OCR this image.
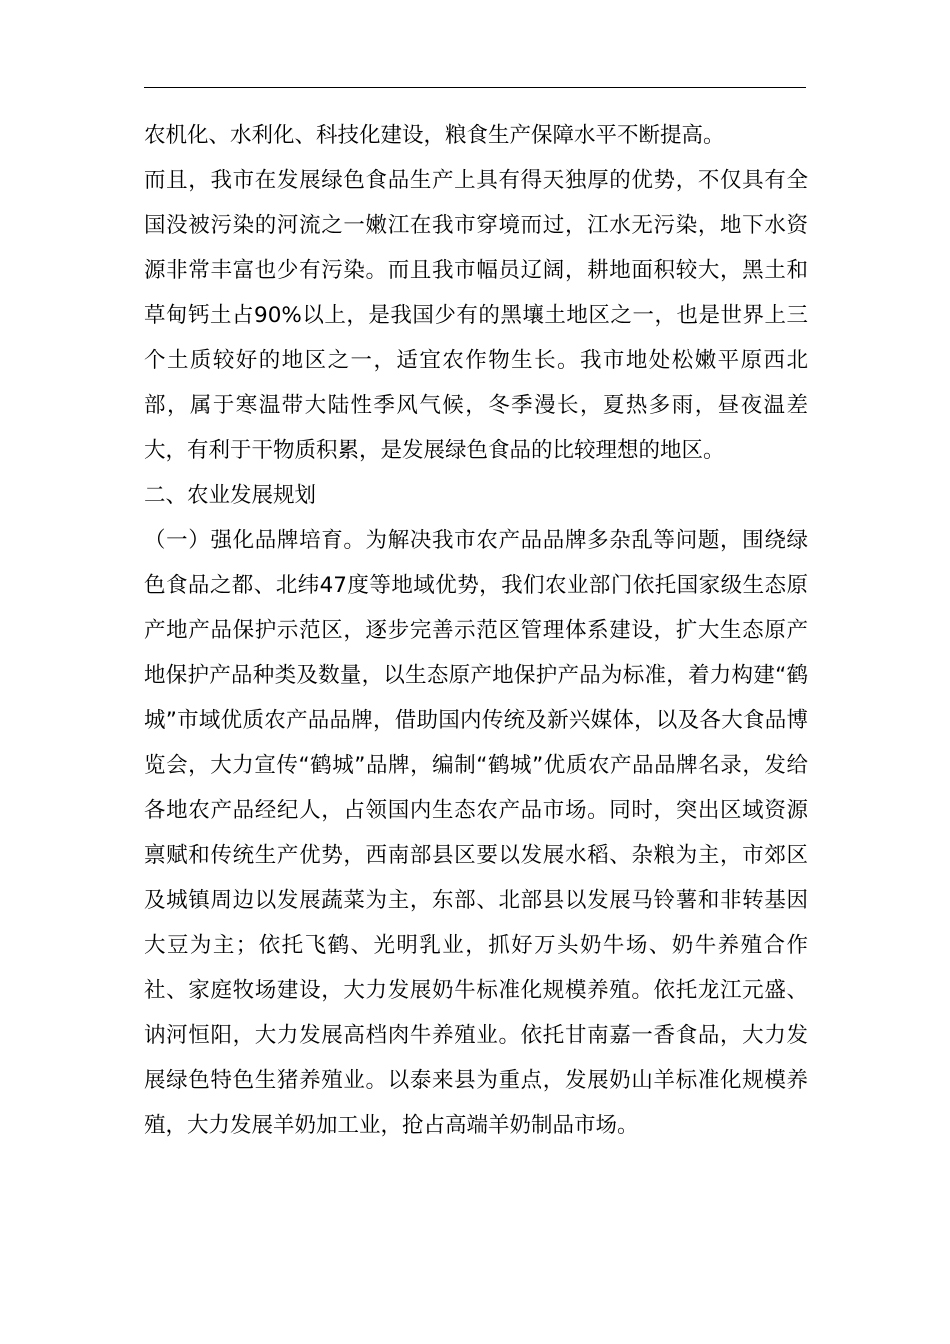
农机化、水利化、科技化建设，粮食生产保障水平不断提高。

而且，我市在发展绿色食品生产上具有得天独厚的优势，不仅具有全国没被污染的河流之一嫩江在我市穿境而过，江水无污染，地下水资源非常丰富也少有污染。而且我市幅员辽阔，耕地面积较大，黑土和草甸钙土占90%以上，是我国少有的黑壤土地区之一，也是世界上三个土质较好的地区之一，适宜农作物生长。我市地处松嫩平原西北部，属于寒温带大陆性季风气候，冬季漫长，夏热多雨，昼夜温差大，有利于干物质积累，是发展绿色食品的比较理想的地区。

二、农业发展规划

（一）强化品牌培育。为解决我市农产品品牌多杂乱等问题，围绕绿色食品之都、北纬47度等地域优势，我们农业部门依托国家级生态原产地产品保护示范区，逐步完善示范区管理体系建设，扩大生态原产地保护产品种类及数量，以生态原产地保护产品为标准，着力构建“鹤城”市域优质农产品品牌，借助国内传统及新兴媒体，以及各大食品博览会，大力宣传“鹤城”品牌，编制“鹤城”优质农产品品牌名录，发给各地农产品经纪人，占领国内生态农产品市场。同时，突出区域资源禀赋和传统生产优势，西南部县区要以发展水稻、杂粮为主，市郊区及城镇周边以发展蔬菜为主，东部、北部县以发展马铃薯和非转基因大豆为主；依托飞鹤、光明乳业，抓好万头奶牛场、奶牛养殖合作社、家庭牧场建设，大力发展奶牛标准化规模养殖。依托龙江元盛、讷河恒阳，大力发展高档肉牛养殖业。依托甘南嘉一香食品，大力发展绿色特色生猪养殖业。以泰来县为重点，发展奶山羊标准化规模养殖，大力发展羊奶加工业，抢占高端羊奶制品市场。
